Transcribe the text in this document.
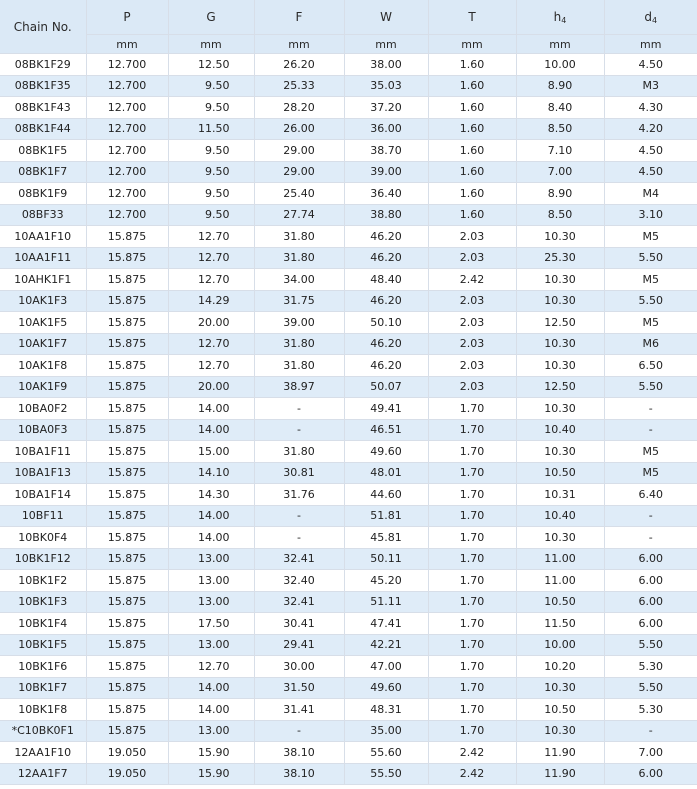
Chain No.	P	G	F	W	T	$h_4$	$d_4$
	mm	mm	mm	mm	mm	mm	mm
08BK1F29	12.700	12.50	26.20	38.00	1.60	10.00	4.50
08BK1F35	12.700	9.50	25.33	35.03	1.60	8.90	M3
08BK1F43	12.700	9.50	28.20	37.20	1.60	8.40	4.30
08BK1F44	12.700	11.50	26.00	36.00	1.60	8.50	4.20
08BK1F5	12.700	9.50	29.00	38.70	1.60	7.10	4.50
08BK1F7	12.700	9.50	29.00	39.00	1.60	7.00	4.50
08BK1F9	12.700	9.50	25.40	36.40	1.60	8.90	M4
08BF33	12.700	9.50	27.74	38.80	1.60	8.50	3.10
10AA1F10	15.875	12.70	31.80	46.20	2.03	10.30	M5
10AA1F11	15.875	12.70	31.80	46.20	2.03	25.30	5.50
10AHK1F1	15.875	12.70	34.00	48.40	2.42	10.30	M5
10AK1F3	15.875	14.29	31.75	46.20	2.03	10.30	5.50
10AK1F5	15.875	20.00	39.00	50.10	2.03	12.50	M5
10AK1F7	15.875	12.70	31.80	46.20	2.03	10.30	M6
10AK1F8	15.875	12.70	31.80	46.20	2.03	10.30	6.50
10AK1F9	15.875	20.00	38.97	50.07	2.03	12.50	5.50
10BA0F2	15.875	14.00	-	49.41	1.70	10.30	-
10BA0F3	15.875	14.00	-	46.51	1.70	10.40	-
10BA1F11	15.875	15.00	31.80	49.60	1.70	10.30	M5
10BA1F13	15.875	14.10	30.81	48.01	1.70	10.50	M5
10BA1F14	15.875	14.30	31.76	44.60	1.70	10.31	6.40
10BF11	15.875	14.00	-	51.81	1.70	10.40	-
10BK0F4	15.875	14.00	-	45.81	1.70	10.30	-
10BK1F12	15.875	13.00	32.41	50.11	1.70	11.00	6.00
10BK1F2	15.875	13.00	32.40	45.20	1.70	11.00	6.00
10BK1F3	15.875	13.00	32.41	51.11	1.70	10.50	6.00
10BK1F4	15.875	17.50	30.41	47.41	1.70	11.50	6.00
10BK1F5	15.875	13.00	29.41	42.21	1.70	10.00	5.50
10BK1F6	15.875	12.70	30.00	47.00	1.70	10.20	5.30
10BK1F7	15.875	14.00	31.50	49.60	1.70	10.30	5.50
10BK1F8	15.875	14.00	31.41	48.31	1.70	10.50	5.30
*C10BK0F1	15.875	13.00	-	35.00	1.70	10.30	-
12AA1F10	19.050	15.90	38.10	55.60	2.42	11.90	7.00
12AA1F7	19.050	15.90	38.10	55.50	2.42	11.90	6.00
